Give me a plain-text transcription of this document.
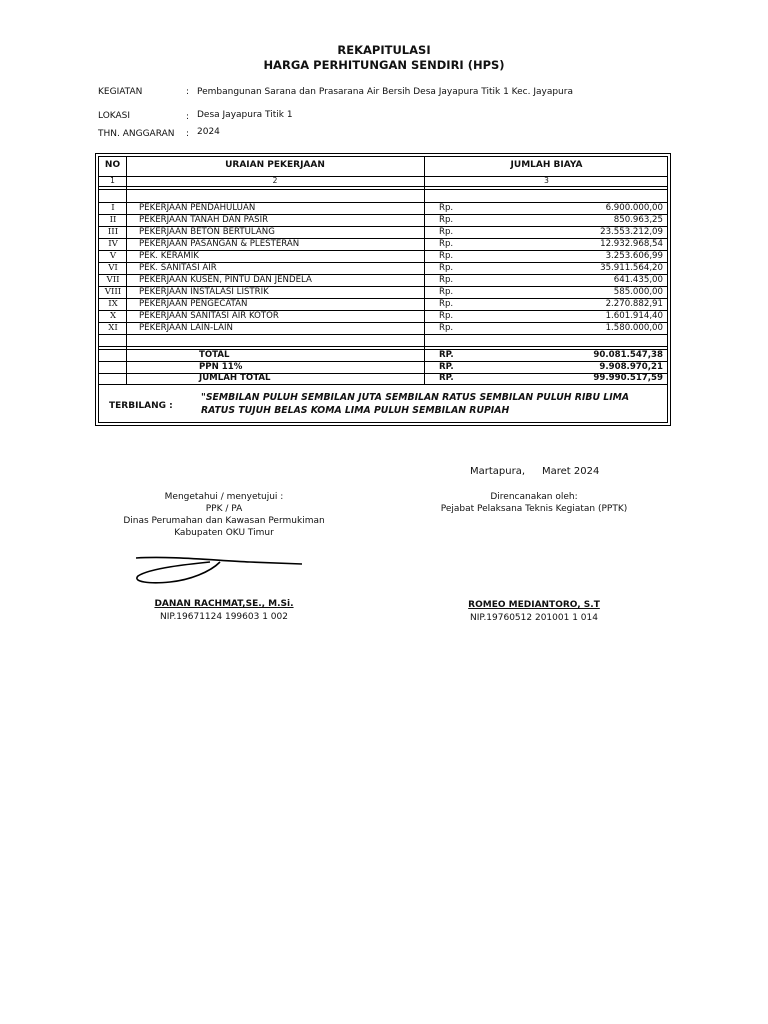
REKAPITULASI
HARGA PERHITUNGAN SENDIRI (HPS)
KEGIATAN	: Pembangunan Sarana dan Prasarana Air Bersih Desa Jayapura Titik 1 Kec. Jayapura
LOKASI	: Desa Jayapura Titik 1
THN. ANGGARAN : 2024
NO	URAIAN PEKERJAAN	JUMLAH BIAYA
1	2	3
I	PEKERJAAN PENDAHULUAN	Rp.	6.900.000,00
II	PEKERJAAN TANAH DAN PASIR	Rp.	850.963,25
III	PEKERJAAN BETON BERTULANG	Rp.	23.553.212,09
IV	PEKERJAAN PASANGAN & PLESTERAN	Rp.	12.932.968,54
V	PEK. KERAMIK	Rp.	3.253.606,99
VI	PEK. SANITASI AIR	Rp.	35.911.564,20
VII	PEKERJAAN KUSEN, PINTU DAN JENDELA	Rp.	641.435,00
VIII	PEKERJAAN INSTALASI LISTRIK	Rp.	585.000,00
IX	PEKERJAAN PENGECATAN	Rp.	2.270.882,91
X	PEKERJAAN SANITASI AIR KOTOR	Rp.	1.601.914,40
XI	PEKERJAAN LAIN-LAIN	Rp.	1.580.000,00
TOTAL	RP.	90.081.547,38
PPN 11%	RP.	9.908.970,21
JUMLAH TOTAL	RP.	99.990.517,59
TERBILANG :
"SEMBILAN PULUH SEMBILAN JUTA SEMBILAN RATUS SEMBILAN PULUH RIBU LIMA RATUS TUJUH BELAS KOMA LIMA PULUH SEMBILAN RUPIAH
Martapura, Maret 2024
Mengetahui / menyetujui :
PPK / PA
Dinas Perumahan dan Kawasan Permukiman
Kabupaten OKU Timur
DANAN RACHMAT,SE., M.Si.
NIP.19671124 199603 1 002
Direncanakan oleh:
Pejabat Pelaksana Teknis Kegiatan (PPTK)
ROMEO MEDIANTORO, S.T
NIP.19760512 201001 1 014
